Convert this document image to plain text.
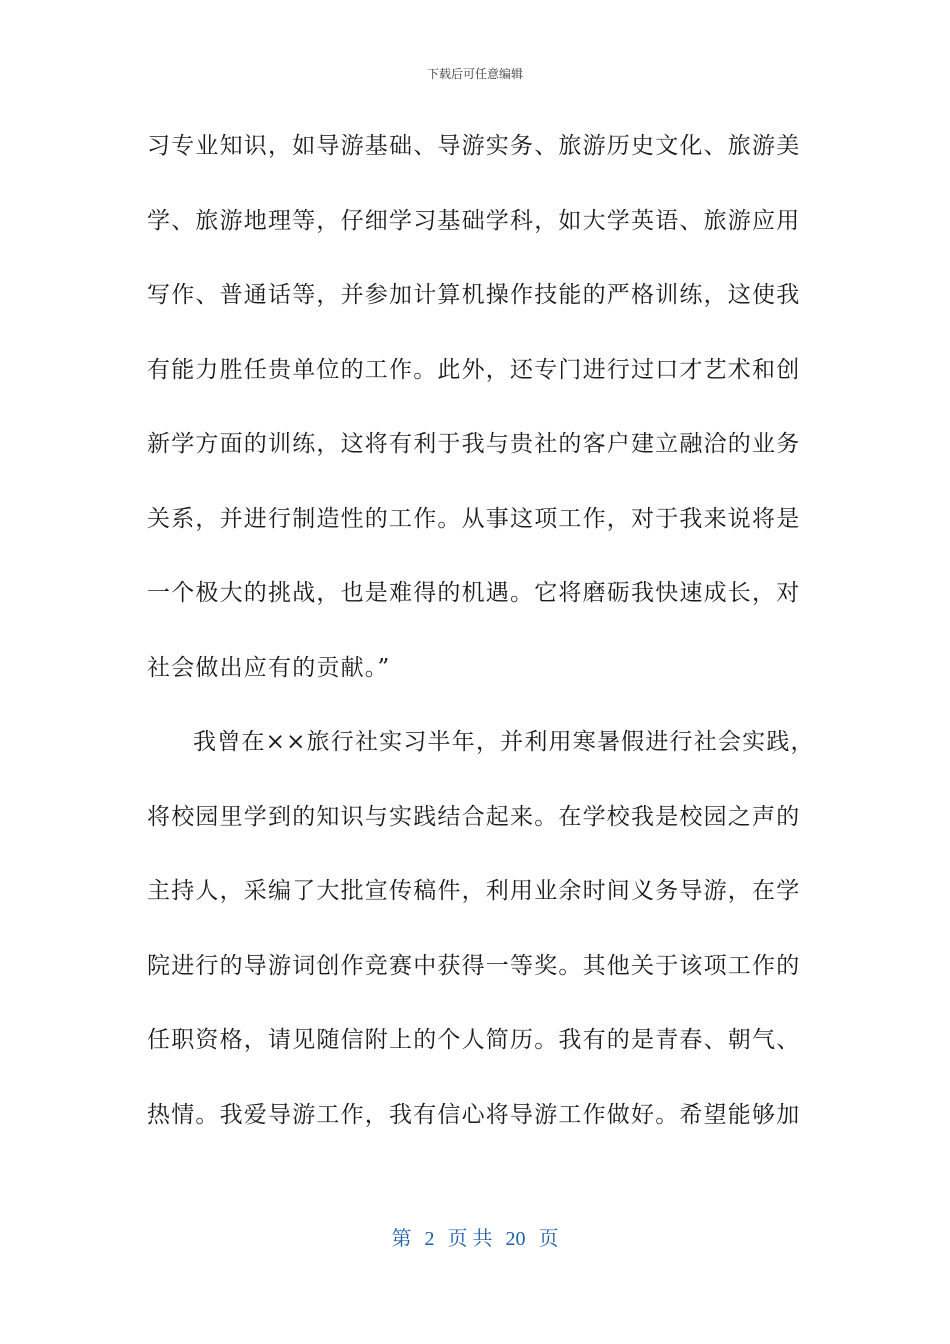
下载后可任意编辑
习专业知识，如导游基础、导游实务、旅游历史文化、旅游美
学、旅游地理等，仔细学习基础学科，如大学英语、旅游应用
写作、普通话等，并参加计算机操作技能的严格训练，这使我
有能力胜任贵单位的工作。此外，还专门进行过口才艺术和创
新学方面的训练，这将有利于我与贵社的客户建立融洽的业务
关系，并进行制造性的工作。从事这项工作，对于我来说将是
一个极大的挑战，也是难得的机遇。它将磨砺我快速成长，对
社会做出应有的贡献。”
我曾在××旅行社实习半年，并利用寒暑假进行社会实践，
将校园里学到的知识与实践结合起来。在学校我是校园之声的
主持人，采编了大批宣传稿件，利用业余时间义务导游，在学
院进行的导游词创作竞赛中获得一等奖。其他关于该项工作的
任职资格，请见随信附上的个人简历。我有的是青春、朝气、
热情。我爱导游工作，我有信心将导游工作做好。希望能够加
第 2 页 共 20 页
